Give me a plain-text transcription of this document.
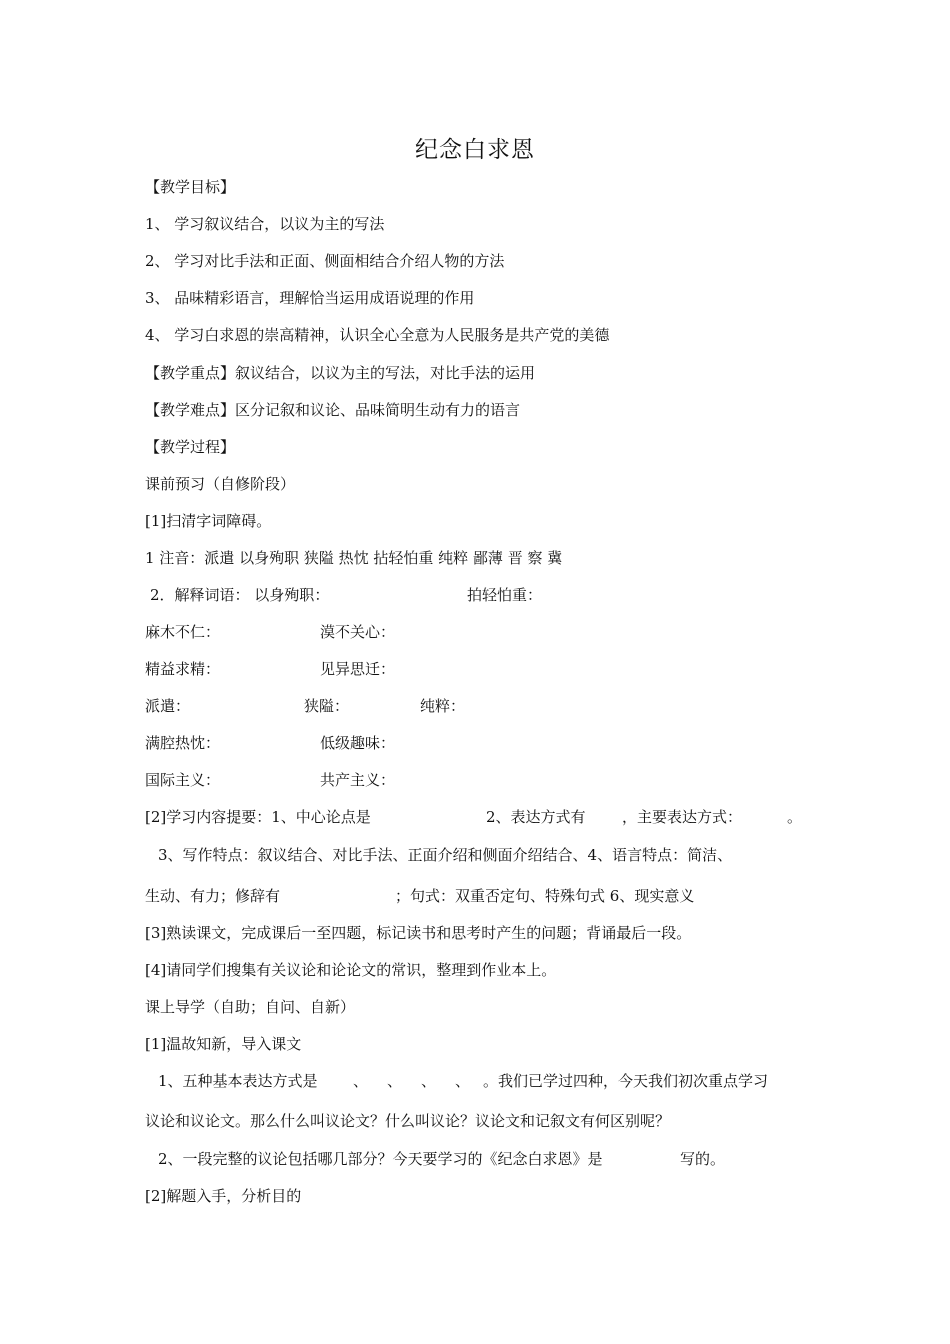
纪念白求恩
【教学目标】
1、 学习叙议结合，以议为主的写法
2、 学习对比手法和正面、侧面相结合介绍人物的方法
3、 品味精彩语言，理解恰当运用成语说理的作用
4、 学习白求恩的崇高精神，认识全心全意为人民服务是共产党的美德
【教学重点】叙议结合，以议为主的写法，对比手法的运用
【教学难点】区分记叙和议论、品味简明生动有力的语言
【教学过程】
课前预习（自修阶段）
[1]扫清字词障碍。
1 注音：派遣 以身殉职 狭隘 热忱 拈轻怕重 纯粹 鄙薄 晋 察 冀
2．解释词语： 以身殉职：	拍轻怕重：
麻木不仁：	漠不关心：
精益求精：	见异思迁：
派遣：	狭隘：	纯粹：
满腔热忱：	低级趣味：
国际主义：	共产主义：
[2]学习内容提要：1、中心论点是	2、表达方式有 ，主要表达方式：	。
3、写作特点：叙议结合、对比手法、正面介绍和侧面介绍结合、4、语言特点：简洁、
生动、有力；修辞有	；句式：双重否定句、特殊句式 6、现实意义
[3]熟读课文，完成课后一至四题，标记读书和思考时产生的问题；背诵最后一段。
[4]请同学们搜集有关议论和论论文的常识，整理到作业本上。
课上导学（自助；自问、自新）
[1]温故知新，导入课文
1、五种基本表达方式是 、 、 、 、 。我们已学过四种，今天我们初次重点学习
议论和议论文。那么什么叫议论文？什么叫议论？议论文和记叙文有何区别呢？
2、一段完整的议论包括哪几部分？今天要学习的《纪念白求恩》是	写的。
[2]解题入手，分析目的
